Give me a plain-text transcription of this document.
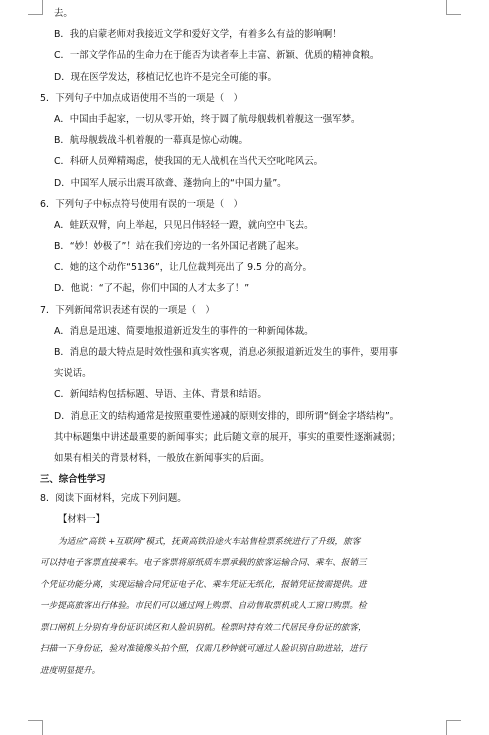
去。
B．我的启蒙老师对我接近文学和爱好文学，有着多么有益的影响啊！
C．一部文学作品的生命力在于能否为读者奉上丰富、新颖、优质的精神食粮。
D．现在医学发达，移植记忆也许不是完全可能的事。
5．下列句子中加点成语使用不当的一项是（　）
A．中国由手起家，一切从零开始，终于圆了航母舰载机着舰这一强军梦。
B．航母舰载战斗机着舰的一幕真是惊心动魄。
C．科研人员殚精竭虑，使我国的无人战机在当代天空叱咤风云。
D．中国军人展示出震耳欲聋、蓬勃向上的“中国力量”。
6．下列句子中标点符号使用有误的一项是（　）
A．蛙跃双臂，向上举起，只见吕伟轻轻一蹬，就向空中飞去。
B．“妙！妙极了”！站在我们旁边的一名外国记者跳了起来。
C．她的这个动作“5136”，让几位裁判亮出了 9.5 分的高分。
D．他说：“了不起，你们中国的人才太多了！”
7．下列新闻常识表述有误的一项是（　）
A．消息是迅速、简要地报道新近发生的事件的一种新闻体裁。
B．消息的最大特点是时效性强和真实客观，消息必须报道新近发生的事件，要用事
实说话。
C．新闻结构包括标题、导语、主体、背景和结语。
D．消息正文的结构通常是按照重要性递减的原则安排的，即所谓“倒金字塔结构”。
其中标题集中讲述最重要的新闻事实；此后随文章的展开，事实的重要性逐渐减弱；
如果有相关的背景材料，一般放在新闻事实的后面。
三、综合性学习
8．阅读下面材料，完成下列问题。
【材料一】
为适应“高铁 +互联网”模式，抚黄高铁沿途火车站售检票系统进行了升级，旅客
可以持电子客票直接乘车。电子客票将原纸质车票承载的旅客运输合同、乘车、报销三
个凭证功能分离，实现运输合同凭证电子化、乘车凭证无纸化，报销凭证按需提供。进
一步提高旅客出行体验。市民们可以通过网上购票、自动售取票机或人工窗口购票。检
票口闸机上分别有身份证识读区和人脸识别机。检票时持有效二代居民身份证的旅客，
扫描一下身份证，验对准镜像头拍个照，仅需几秒钟就可通过人脸识别自助进站，进行
进度明显提升。
